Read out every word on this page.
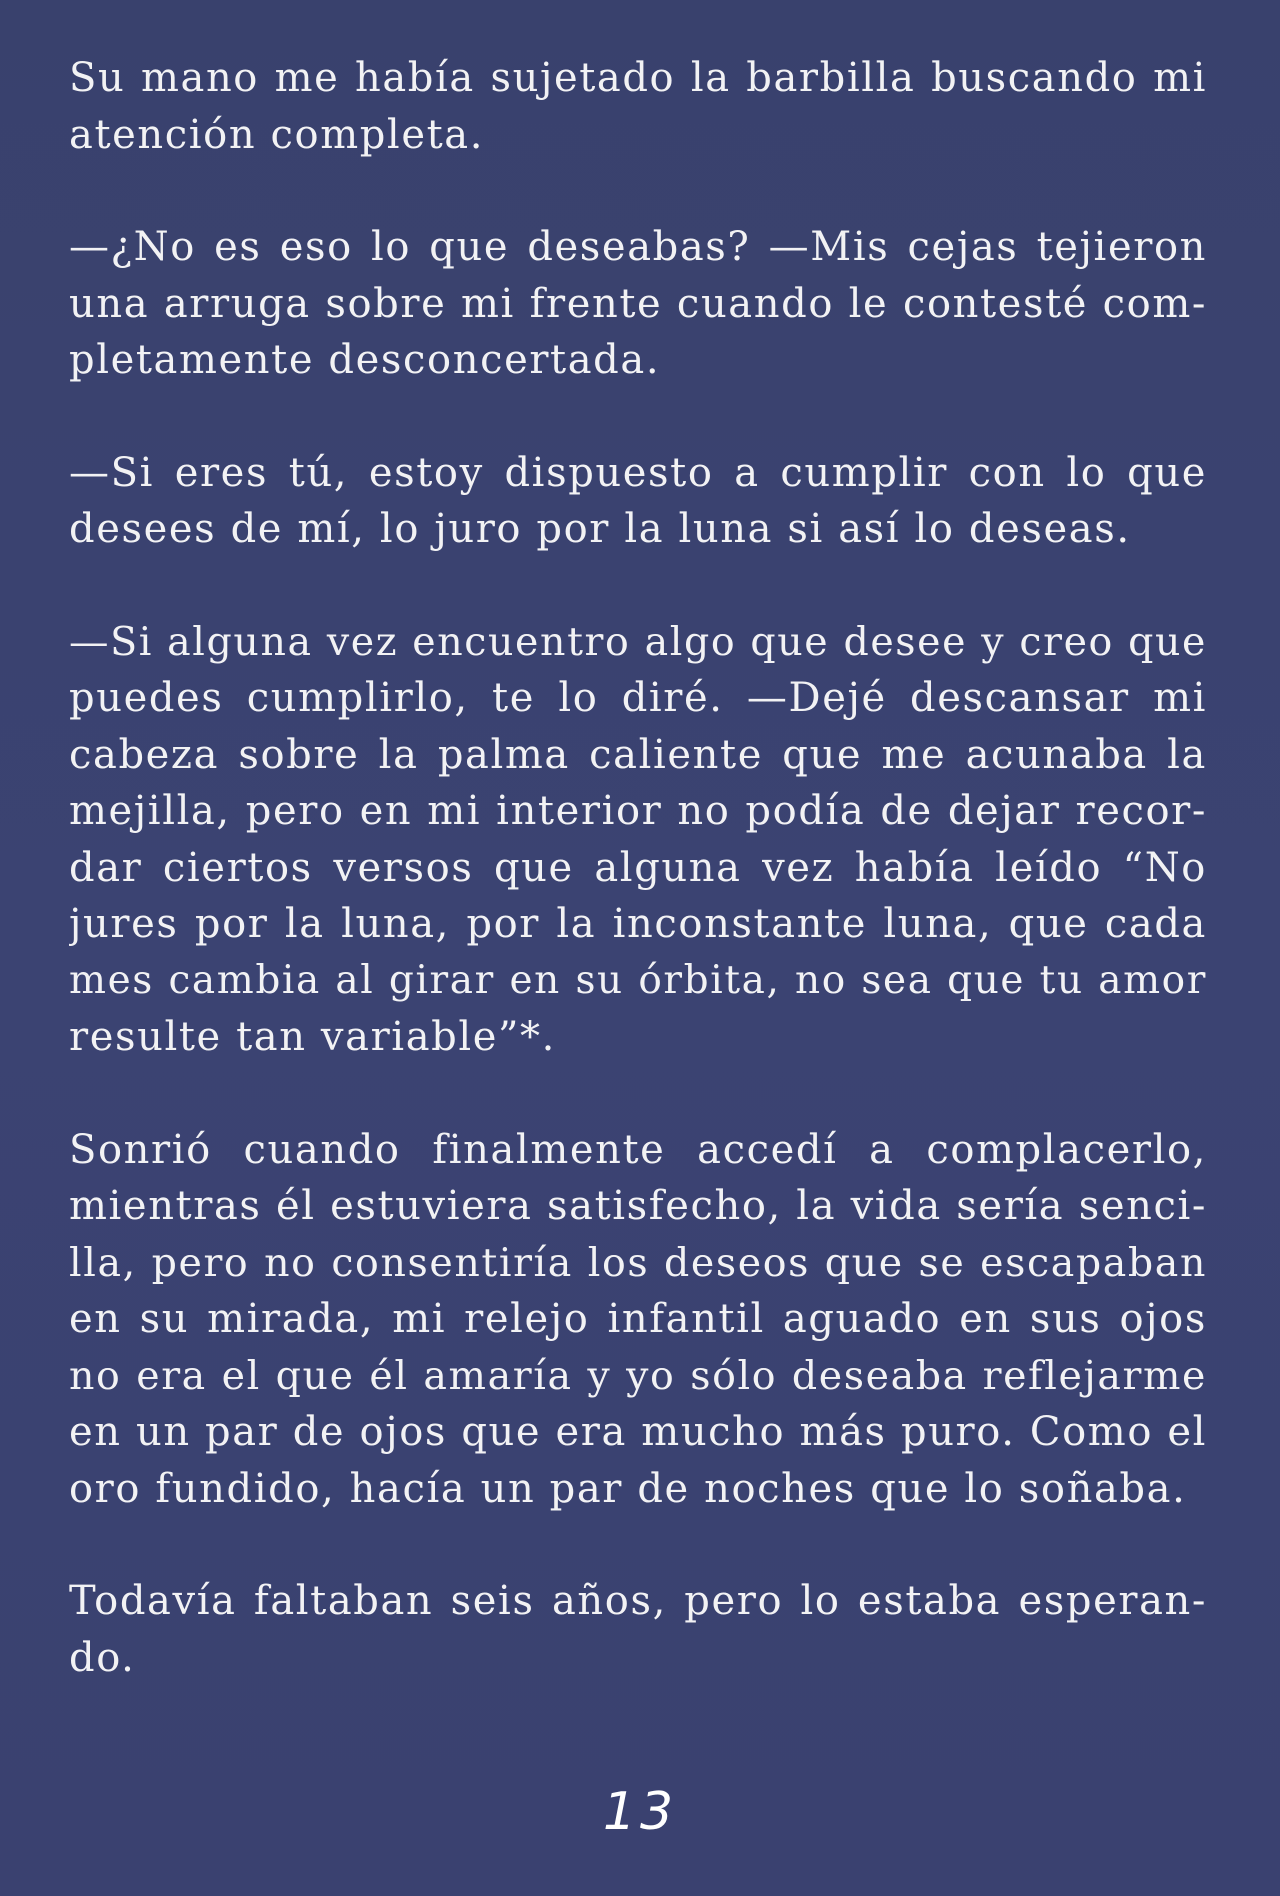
Su mano me había sujetado la barbilla buscando mi
atención completa.

—¿No es eso lo que deseabas? —Mis cejas tejieron
una arruga sobre mi frente cuando le contesté com-
pletamente desconcertada.

—Si eres tú, estoy dispuesto a cumplir con lo que
desees de mí, lo juro por la luna si así lo deseas.

—Si alguna vez encuentro algo que desee y creo que
puedes cumplirlo, te lo diré. —Dejé descansar mi
cabeza sobre la palma caliente que me acunaba la
mejilla, pero en mi interior no podía de dejar recor-
dar ciertos versos que alguna vez había leído “No
jures por la luna, por la inconstante luna, que cada
mes cambia al girar en su órbita, no sea que tu amor
resulte tan variable”*.

Sonrió cuando finalmente accedí a complacerlo,
mientras él estuviera satisfecho, la vida sería senci-
lla, pero no consentiría los deseos que se escapaban
en su mirada, mi relejo infantil aguado en sus ojos
no era el que él amaría y yo sólo deseaba reflejarme
en un par de ojos que era mucho más puro. Como el
oro fundido, hacía un par de noches que lo soñaba.

Todavía faltaban seis años, pero lo estaba esperan-
do.

13
